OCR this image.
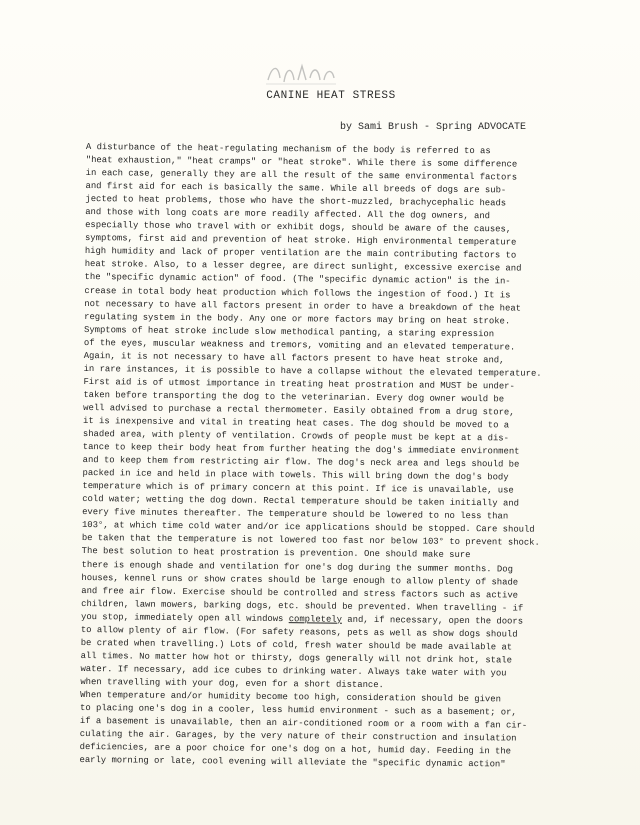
CANINE HEAT STRESS
by Sami Brush - Spring ADVOCATE
A disturbance of the heat-regulating mechanism of the body is referred to as
"heat exhaustion," "heat cramps" or "heat stroke". While there is some difference
in each case, generally they are all the result of the same environmental factors
and first aid for each is basically the same. While all breeds of dogs are sub-
jected to heat problems, those who have the short-muzzled, brachycephalic heads
and those with long coats are more readily affected. All the dog owners, and
especially those who travel with or exhibit dogs, should be aware of the causes,
symptoms, first aid and prevention of heat stroke. High environmental temperature
high humidity and lack of proper ventilation are the main contributing factors to
heat stroke. Also, to a lesser degree, are direct sunlight, excessive exercise and
the "specific dynamic action" of food. (The "specific dynamic action" is the in-
crease in total body heat production which follows the ingestion of food.) It is
not necessary to have all factors present in order to have a breakdown of the heat
regulating system in the body. Any one or more factors may bring on heat stroke.
Symptoms of heat stroke include slow methodical panting, a staring expression
of the eyes, muscular weakness and tremors, vomiting and an elevated temperature.
Again, it is not necessary to have all factors present to have heat stroke and,
in rare instances, it is possible to have a collapse without the elevated temperature.
First aid is of utmost importance in treating heat prostration and MUST be under-
taken before transporting the dog to the veterinarian. Every dog owner would be
well advised to purchase a rectal thermometer. Easily obtained from a drug store,
it is inexpensive and vital in treating heat cases. The dog should be moved to a
shaded area, with plenty of ventilation. Crowds of people must be kept at a dis-
tance to keep their body heat from further heating the dog's immediate environment
and to keep them from restricting air flow. The dog's neck area and legs should be
packed in ice and held in place with towels. This will bring down the dog's body
temperature which is of primary concern at this point. If ice is unavailable, use
cold water; wetting the dog down. Rectal temperature should be taken initially and
every five minutes thereafter. The temperature should be lowered to no less than
103°, at which time cold water and/or ice applications should be stopped. Care should
be taken that the temperature is not lowered too fast nor below 103° to prevent shock.
The best solution to heat prostration is prevention. One should make sure
there is enough shade and ventilation for one's dog during the summer months. Dog
houses, kennel runs or show crates should be large enough to allow plenty of shade
and free air flow. Exercise should be controlled and stress factors such as active
children, lawn mowers, barking dogs, etc. should be prevented. When travelling - if
you stop, immediately open all windows completely and, if necessary, open the doors
to allow plenty of air flow. (For safety reasons, pets as well as show dogs should
be crated when travelling.) Lots of cold, fresh water should be made available at
all times. No matter how hot or thirsty, dogs generally will not drink hot, stale
water. If necessary, add ice cubes to drinking water. Always take water with you
when travelling with your dog, even for a short distance.
When temperature and/or humidity become too high, consideration should be given
to placing one's dog in a cooler, less humid environment - such as a basement; or,
if a basement is unavailable, then an air-conditioned room or a room with a fan cir-
culating the air. Garages, by the very nature of their construction and insulation
deficiencies, are a poor choice for one's dog on a hot, humid day. Feeding in the
early morning or late, cool evening will alleviate the "specific dynamic action"
